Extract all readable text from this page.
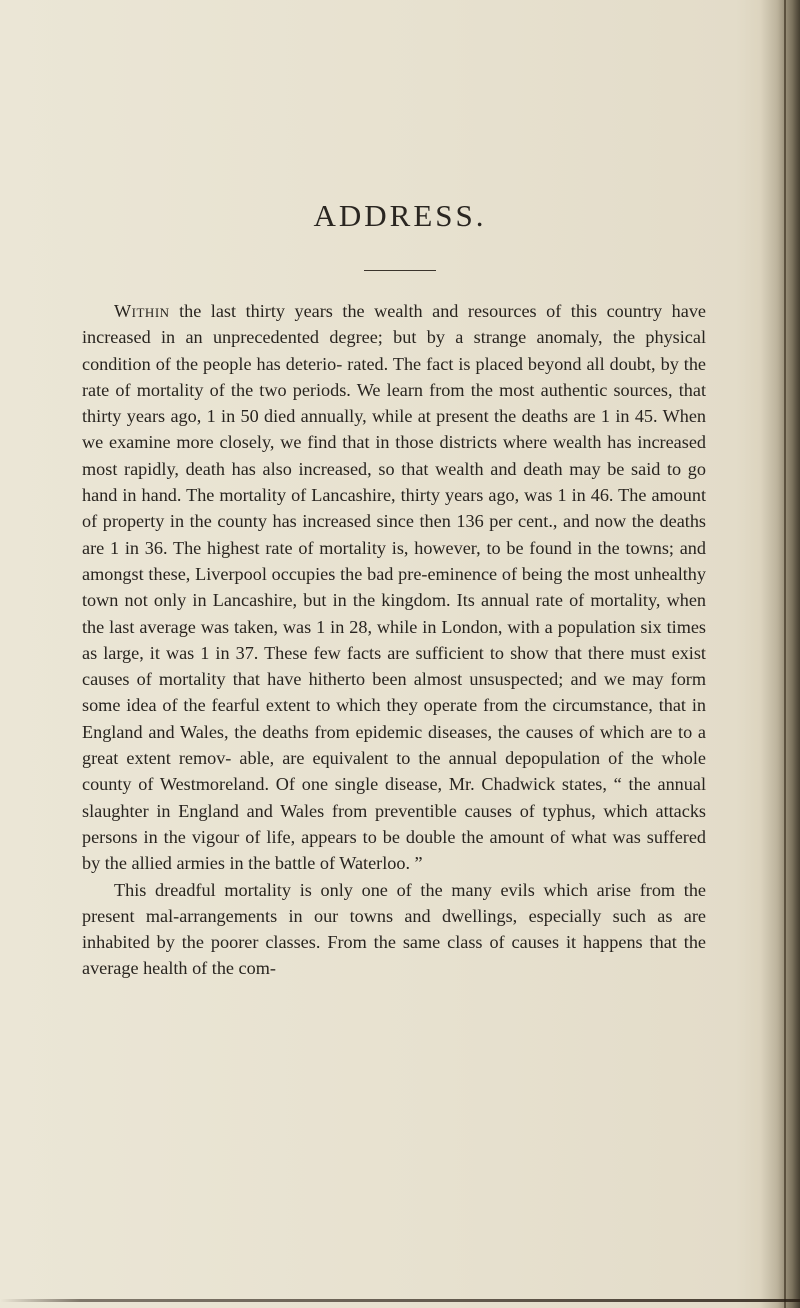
ADDRESS.

Within the last thirty years the wealth and resources of this country have increased in an unprecedented degree; but by a strange anomaly, the physical condition of the people has deterio- rated. The fact is placed beyond all doubt, by the rate of mortality of the two periods. We learn from the most authentic sources, that thirty years ago, 1 in 50 died annually, while at present the deaths are 1 in 45. When we examine more closely, we find that in those districts where wealth has increased most rapidly, death has also increased, so that wealth and death may be said to go hand in hand. The mortality of Lancashire, thirty years ago, was 1 in 46. The amount of property in the county has increased since then 136 per cent., and now the deaths are 1 in 36. The highest rate of mortality is, however, to be found in the towns; and amongst these, Liverpool occupies the bad pre-eminence of being the most unhealthy town not only in Lancashire, but in the kingdom. Its annual rate of mortality, when the last average was taken, was 1 in 28, while in London, with a population six times as large, it was 1 in 37. These few facts are sufficient to show that there must exist causes of mortality that have hitherto been almost unsuspected; and we may form some idea of the fearful extent to which they operate from the circumstance, that in England and Wales, the deaths from epidemic diseases, the causes of which are to a great extent remov- able, are equivalent to the annual depopulation of the whole county of Westmoreland. Of one single disease, Mr. Chadwick states, “ the annual slaughter in England and Wales from preventible causes of typhus, which attacks persons in the vigour of life, appears to be double the amount of what was suffered by the allied armies in the battle of Waterloo. ”

This dreadful mortality is only one of the many evils which arise from the present mal-arrangements in our towns and dwellings, especially such as are inhabited by the poorer classes. From the same class of causes it happens that the average health of the com-
